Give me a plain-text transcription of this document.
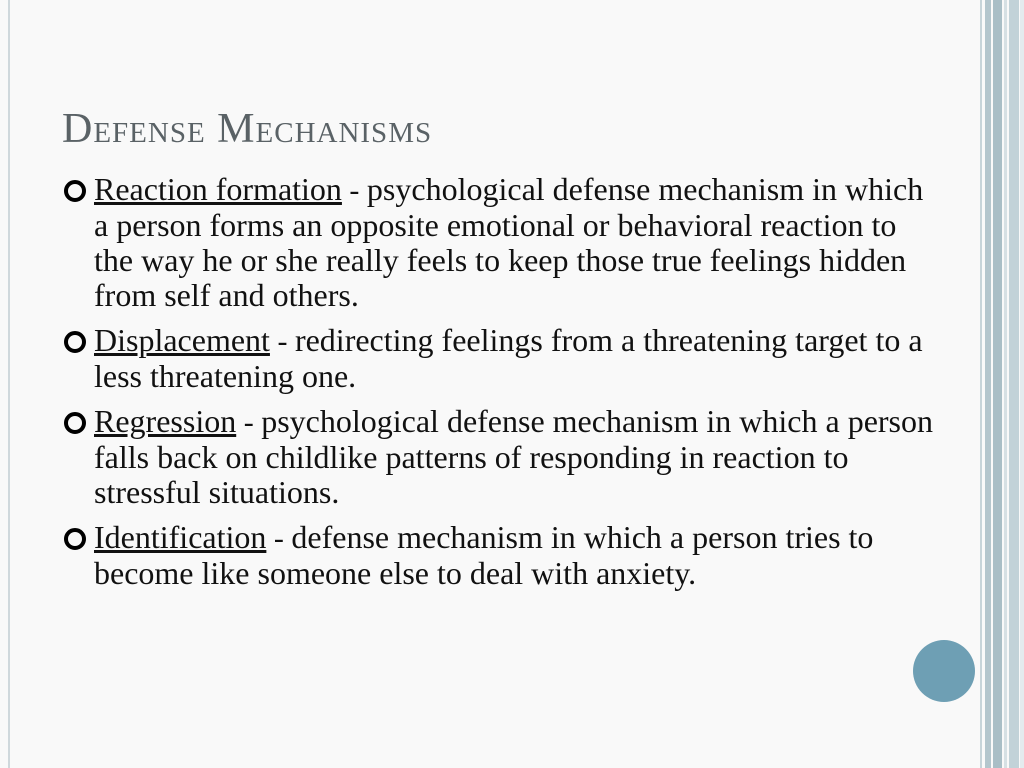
Defense Mechanisms
Reaction formation - psychological defense mechanism in which a person forms an opposite emotional or behavioral reaction to the way he or she really feels to keep those true feelings hidden from self and others.
Displacement - redirecting feelings from a threatening target to a less threatening one.
Regression - psychological defense mechanism in which a person falls back on childlike patterns of responding in reaction to stressful situations.
Identification - defense mechanism in which a person tries to become like someone else to deal with anxiety.
